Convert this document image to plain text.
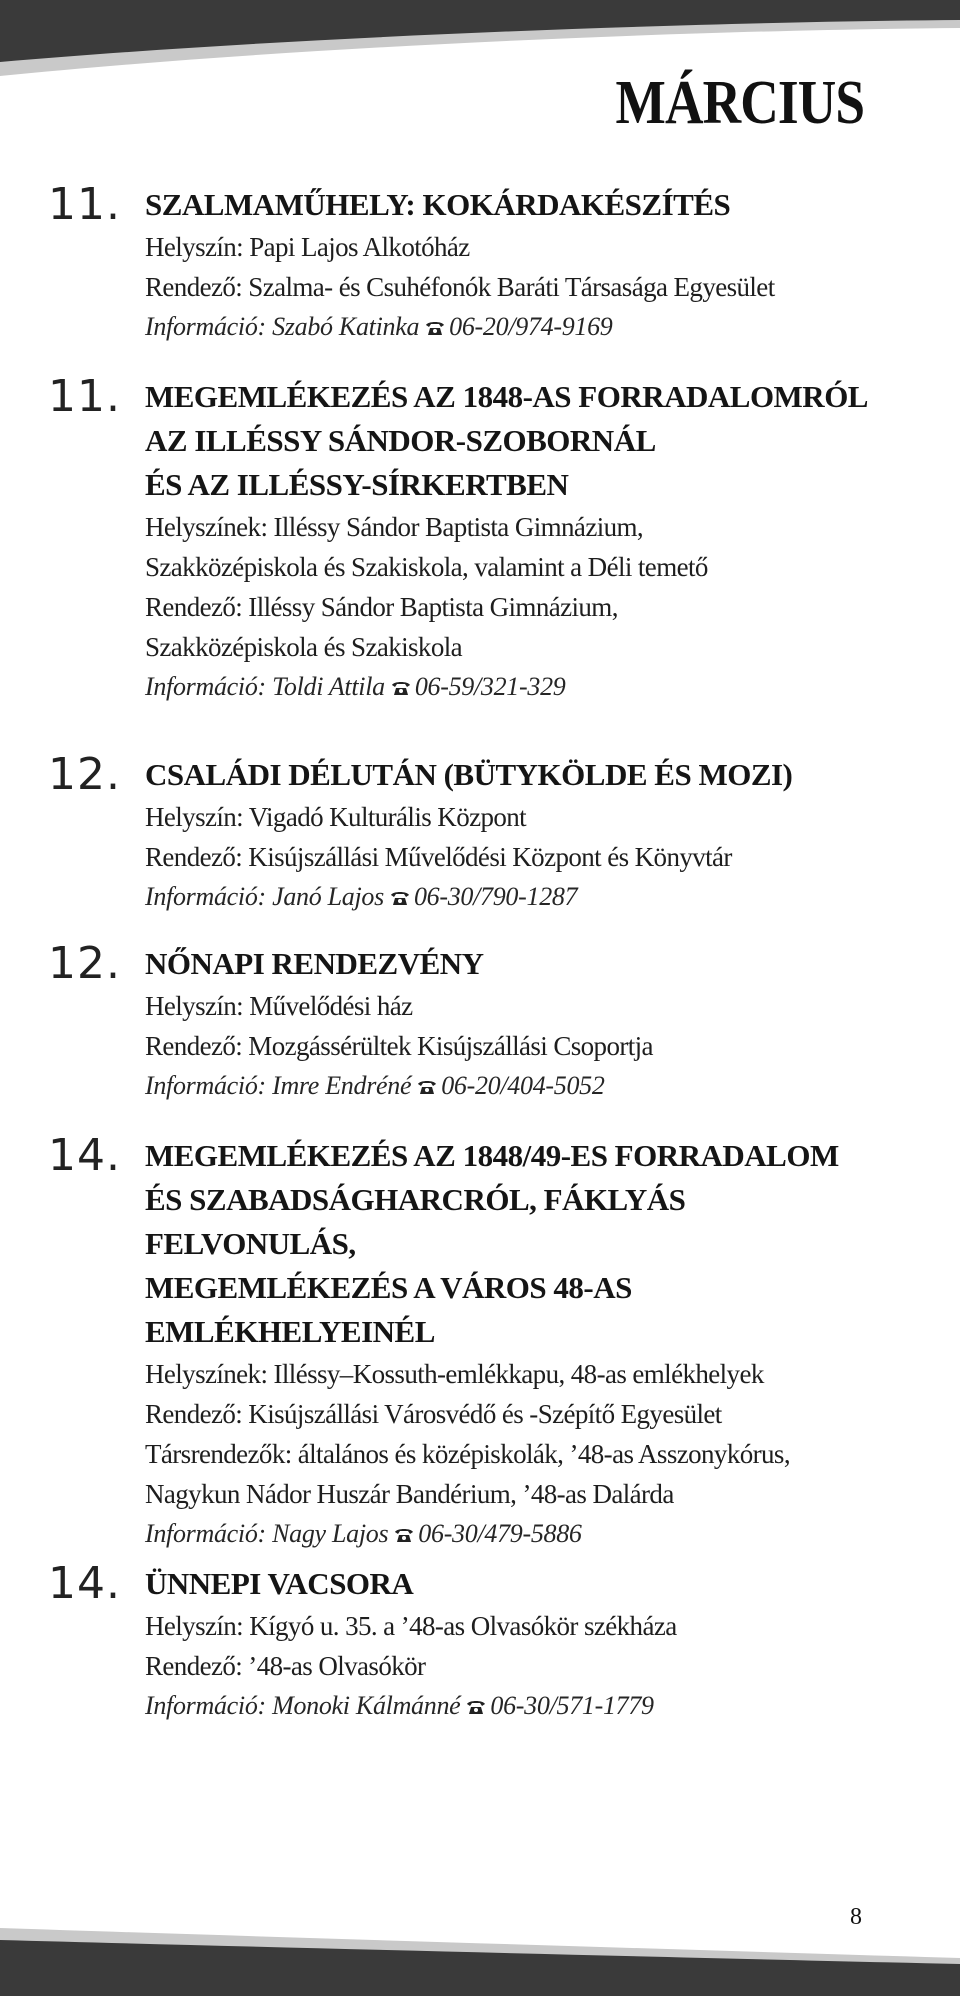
MÁRCIUS
11. SZALMAMŰHELY: KOKÁRDAKÉSZÍTÉS
Helyszín: Papi Lajos Alkotóház
Rendező: Szalma- és Csuhéfonók Baráti Társasága Egyesület
Információ: Szabó Katinka 06-20/974-9169
11. MEGEMLÉKEZÉS AZ 1848-AS FORRADALOMRÓL
AZ ILLÉSSY SÁNDOR-SZOBORNÁL
ÉS AZ ILLÉSSY-SÍRKERTBEN
Helyszínek: Illéssy Sándor Baptista Gimnázium,
Szakközépiskola és Szakiskola, valamint a Déli temető
Rendező: Illéssy Sándor Baptista Gimnázium,
Szakközépiskola és Szakiskola
Információ: Toldi Attila 06-59/321-329
12. CSALÁDI DÉLUTÁN (BÜTYKÖLDE ÉS MOZI)
Helyszín: Vigadó Kulturális Központ
Rendező: Kisújszállási Művelődési Központ és Könyvtár
Információ: Janó Lajos 06-30/790-1287
12. NŐNAPI RENDEZVÉNY
Helyszín: Művelődési ház
Rendező: Mozgássérültek Kisújszállási Csoportja
Információ: Imre Endréné 06-20/404-5052
14. MEGEMLÉKEZÉS AZ 1848/49-ES FORRADALOM
ÉS SZABADSÁGHARCRÓL, FÁKLYÁS FELVONULÁS,
MEGEMLÉKEZÉS A VÁROS 48-AS
EMLÉKHELYEINÉL
Helyszínek: Illéssy–Kossuth-emlékkapu, 48-as emlékhelyek
Rendező: Kisújszállási Városvédő és -Szépítő Egyesület
Társrendezők: általános és középiskolák, ’48-as Asszonykórus,
Nagykun Nádor Huszár Bandérium, ’48-as Dalárda
Információ: Nagy Lajos 06-30/479-5886
14. ÜNNEPI VACSORA
Helyszín: Kígyó u. 35. a ’48-as Olvasókör székháza
Rendező: ’48-as Olvasókör
Információ: Monoki Kálmánné 06-30/571-1779
8
